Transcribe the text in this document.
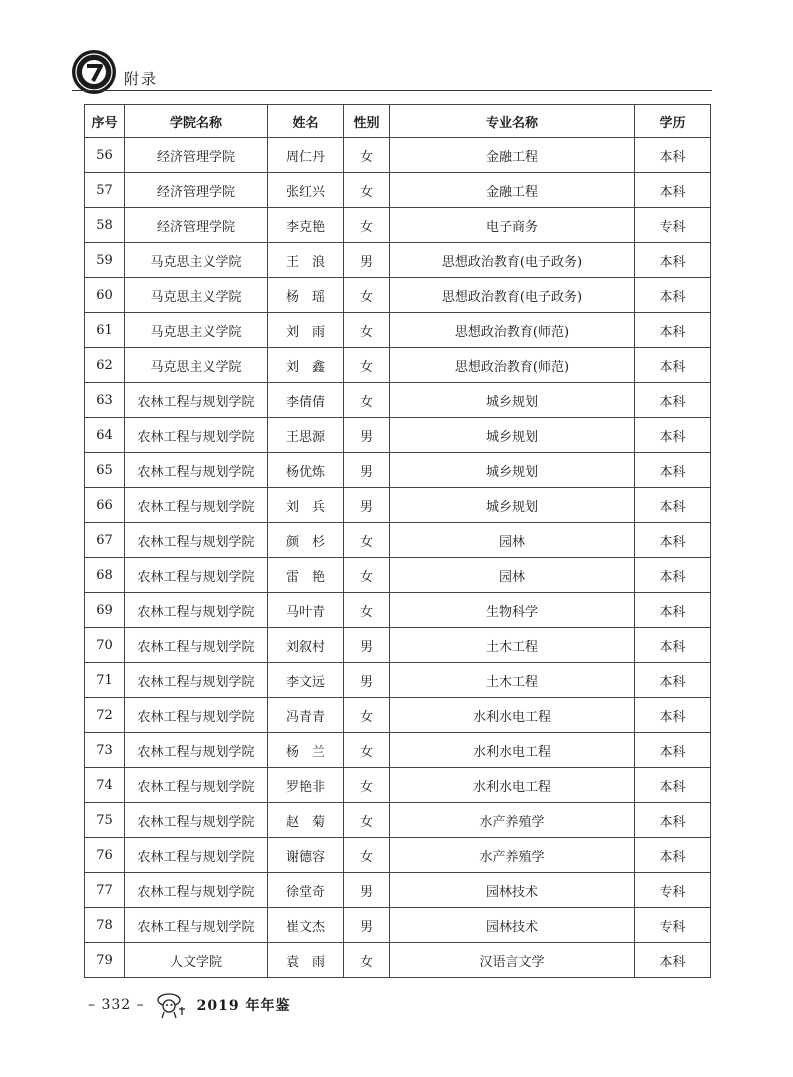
附录
序号	学院名称	姓名	性别	专业名称	学历
56	经济管理学院	周仁丹	女	金融工程	本科
57	经济管理学院	张红兴	女	金融工程	本科
58	经济管理学院	李克艳	女	电子商务	专科
59	马克思主义学院	王　浪	男	思想政治教育(电子政务)	本科
60	马克思主义学院	杨　瑶	女	思想政治教育(电子政务)	本科
61	马克思主义学院	刘　雨	女	思想政治教育(师范)	本科
62	马克思主义学院	刘　鑫	女	思想政治教育(师范)	本科
63	农林工程与规划学院	李倩倩	女	城乡规划	本科
64	农林工程与规划学院	王思源	男	城乡规划	本科
65	农林工程与规划学院	杨优炼	男	城乡规划	本科
66	农林工程与规划学院	刘　兵	男	城乡规划	本科
67	农林工程与规划学院	颜　杉	女	园林	本科
68	农林工程与规划学院	雷　艳	女	园林	本科
69	农林工程与规划学院	马叶青	女	生物科学	本科
70	农林工程与规划学院	刘叙村	男	土木工程	本科
71	农林工程与规划学院	李文远	男	土木工程	本科
72	农林工程与规划学院	冯青青	女	水利水电工程	本科
73	农林工程与规划学院	杨　兰	女	水利水电工程	本科
74	农林工程与规划学院	罗艳非	女	水利水电工程	本科
75	农林工程与规划学院	赵　菊	女	水产养殖学	本科
76	农林工程与规划学院	谢德容	女	水产养殖学	本科
77	农林工程与规划学院	徐堂奇	男	园林技术	专科
78	农林工程与规划学院	崔文杰	男	园林技术	专科
79	人文学院	袁　雨	女	汉语言文学	本科
– 332 –	2019 年年鉴
